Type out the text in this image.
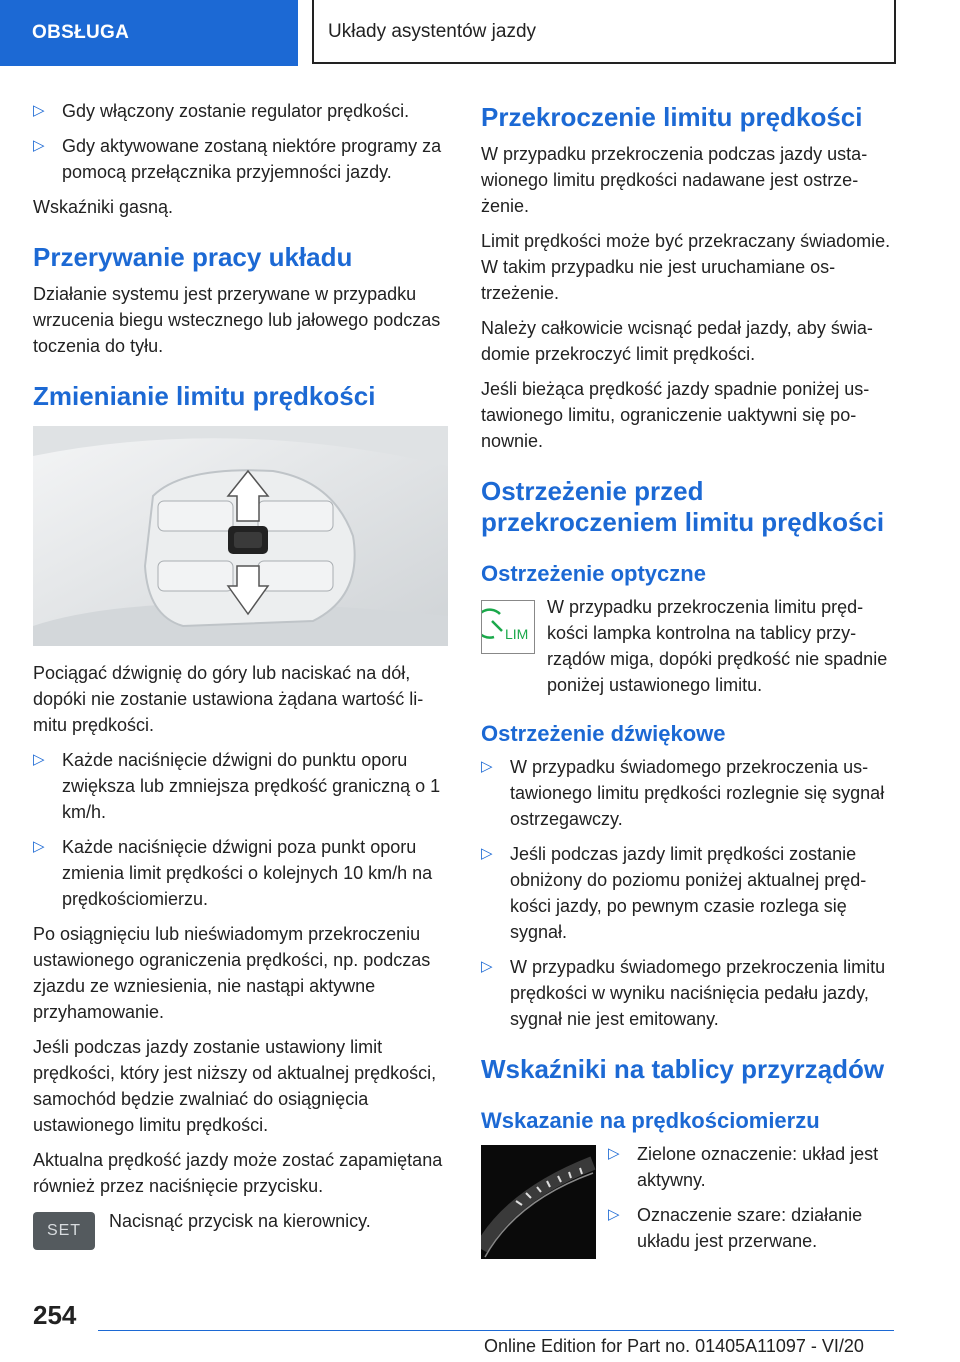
OBSŁUGA	Układy asystentów jazdy
▷ Gdy włączony zostanie regulator prędkości.
▷ Gdy aktywowane zostaną niektóre programy za pomocą przełącznika przyjemności jazdy.

Wskaźniki gasną.

Przerywanie pracy układu

Działanie systemu jest przerywane w przypadku wrzucenia biegu wstecznego lub jałowego podczas toczenia do tyłu.

Zmienianie limitu prędkości

Pociągać dźwignię do góry lub naciskać na dół, dopóki nie zostanie ustawiona żądana wartość limitu prędkości.

▷ Każde naciśnięcie dźwigni do punktu oporu zwiększa lub zmniejsza prędkość graniczną o 1 km/h.
▷ Każde naciśnięcie dźwigni poza punkt oporu zmienia limit prędkości o kolejnych 10 km/h na prędkościomierzu.

Po osiągnięciu lub nieświadomym przekroczeniu ustawionego ograniczenia prędkości, np. podczas zjazdu ze wzniesienia, nie nastąpi aktywne przyhamowanie.

Jeśli podczas jazdy zostanie ustawiony limit prędkości, który jest niższy od aktualnej prędkości, samochód będzie zwalniać do osiągnięcia ustawionego limitu prędkości.

Aktualna prędkość jazdy może zostać zapamiętana również przez naciśnięcie przycisku.

SET	Nacisnąć przycisk na kierownicy.

Przekroczenie limitu prędkości

W przypadku przekroczenia podczas jazdy ustawionego limitu prędkości nadawane jest ostrzeżenie.

Limit prędkości może być przekraczany świadomie. W takim przypadku nie jest uruchamiane ostrzeżenie.

Należy całkowicie wcisnąć pedał jazdy, aby świadomie przekroczyć limit prędkości.

Jeśli bieżąca prędkość jazdy spadnie poniżej ustawionego limitu, ograniczenie uaktywni się ponownie.

Ostrzeżenie przed przekroczeniem limitu prędkości
Ostrzeżenie optyczne
LIM

W przypadku przekroczenia limitu prędkości lampka kontrolna na tablicy przyrządów miga, dopóki prędkość nie spadnie poniżej ustawionego limitu.

Ostrzeżenie dźwiękowe
▷ W przypadku świadomego przekroczenia ustawionego limitu prędkości rozlegnie się sygnał ostrzegawczy.
▷ Jeśli podczas jazdy limit prędkości zostanie obniżony do poziomu poniżej aktualnej prędkości jazdy, po pewnym czasie rozlega się sygnał.
▷ W przypadku świadomego przekroczenia limitu prędkości w wyniku naciśnięcia pedału jazdy, sygnał nie jest emitowany.
Wskaźniki na tablicy przyrządów
Wskazanie na prędkościomierzu
▷ Zielone oznaczenie: układ jest aktywny.
▷ Oznaczenie szare: działanie układu jest przerwane.
254
Online Edition for Part no. 01405A11097 - VI/20
